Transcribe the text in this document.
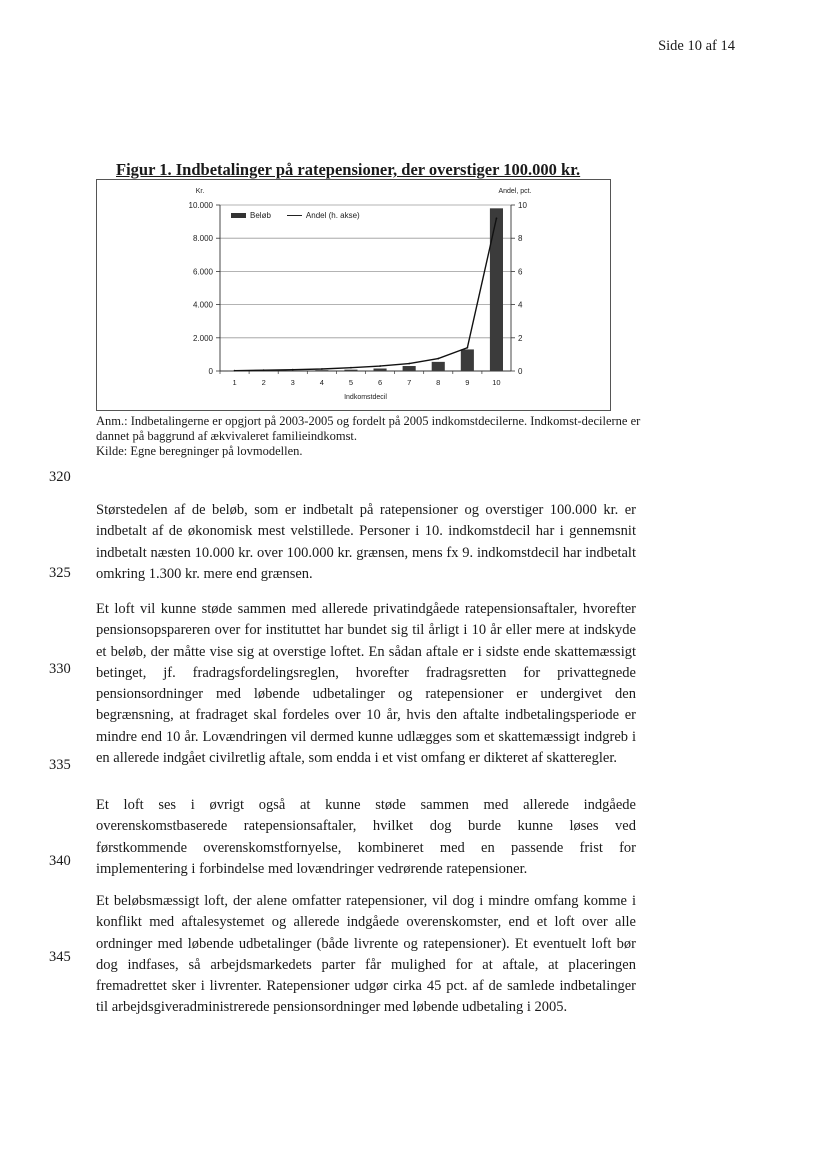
Side 10 af 14
Figur 1. Indbetalinger på ratepensioner, der overstiger 100.000 kr.
0
2.000
4.000
6.000
8.000
10.000
0
2
4
6
8
10
Kr.	Andel, pct.
Indkomstdecil
1	2	3	4	5	6	7	8	9	10
Beløb	Andel (h. akse)

Anm.: Indbetalingerne er opgjort på 2003-2005 og fordelt på 2005 indkomstdecilerne. Indkomst-decilerne er dannet på baggrund af ækvivaleret familieindkomst.

Kilde: Egne beregninger på lovmodellen.

320
325
330
335
340
345

Størstedelen af de beløb, som er indbetalt på ratepensioner og overstiger 100.000 kr. er indbetalt af de økonomisk mest velstillede. Personer i 10. indkomstdecil har i gennemsnit indbetalt næsten 10.000 kr. over 100.000 kr. grænsen, mens fx 9. indkomstdecil har indbetalt omkring 1.300 kr. mere end grænsen.

Et loft vil kunne støde sammen med allerede privatindgåede ratepensionsaftaler, hvorefter pensionsopspareren over for instituttet har bundet sig til årligt i 10 år eller mere at indskyde et beløb, der måtte vise sig at overstige loftet. En sådan aftale er i sidste ende skattemæssigt betinget, jf. fradragsfordelingsreglen, hvorefter fradragsretten for privattegnede pensionsordninger med løbende udbetalinger og ratepensioner er undergivet den begrænsning, at fradraget skal fordeles over 10 år, hvis den aftalte indbetalingsperiode er mindre end 10 år. Lovændringen vil dermed kunne udlægges som et skattemæssigt indgreb i en allerede indgået civilretlig aftale, som endda i et vist omfang er dikteret af skatteregler.

Et loft ses i øvrigt også at kunne støde sammen med allerede indgåede overenskomstbaserede ratepensionsaftaler, hvilket dog burde kunne løses ved førstkommende overenskomstfornyelse, kombineret med en passende frist for implementering i forbindelse med lovændringer vedrørende ratepensioner.

Et beløbsmæssigt loft, der alene omfatter ratepensioner, vil dog i mindre omfang komme i konflikt med aftalesystemet og allerede indgåede overenskomster, end et loft over alle ordninger med løbende udbetalinger (både livrente og ratepensioner). Et eventuelt loft bør dog indfases, så arbejdsmarkedets parter får mulighed for at aftale, at placeringen fremadrettet sker i livrenter. Ratepensioner udgør cirka 45 pct. af de samlede indbetalinger til arbejdsgiveradministrerede pensionsordninger med løbende udbetaling i 2005.
